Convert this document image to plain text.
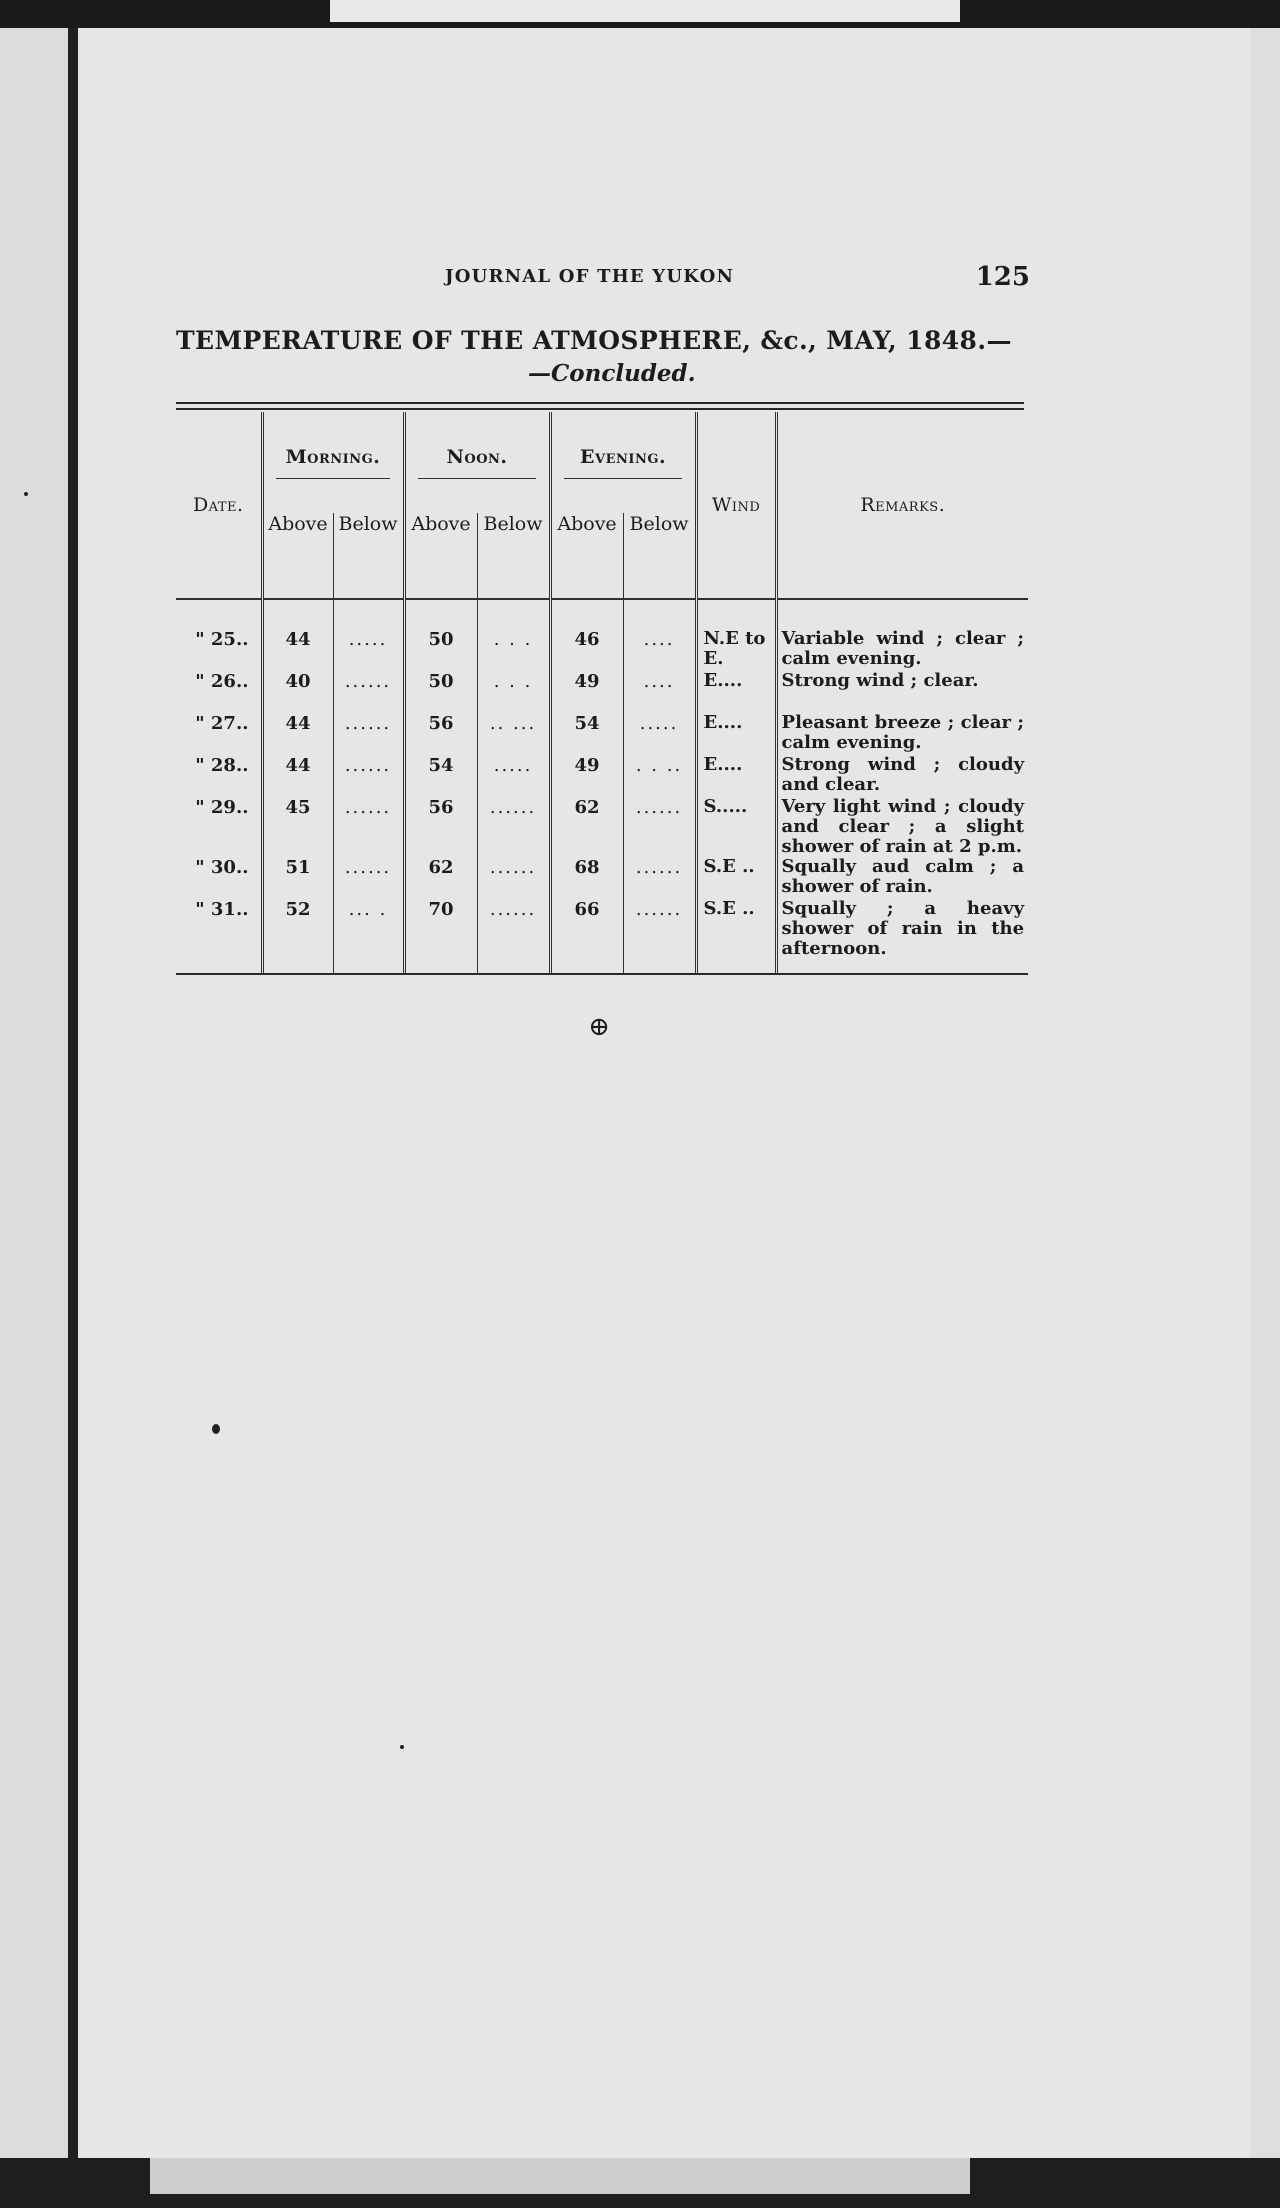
JOURNAL OF THE YUKON	125
TEMPERATURE OF THE ATMOSPHERE, &c., MAY, 1848.—
—Concluded.
Date.	Morning.		Noon.		Evening.		Wind	Remarks.
	Above	Below	Above	Below	Above	Below		

" 25..	44	.....	50	. . .	46	....	N.E to E.	Variable wind ; clear ; calm evening.
" 26..	40	......	50	. . .	49	....	E....	Strong wind ; clear.
" 27..	44	......	56	.. ...	54	.....	E....	Pleasant breeze ; clear ; calm evening.
" 28..	44	......	54	.....	49	. . ..	E....	Strong wind ; cloudy and clear.
" 29..	45	......	56	......	62	......	S.....	Very light wind ; cloudy and clear ; a slight shower of rain at 2 p.m.
" 30..	51	......	62	......	68	......	S.E ..	Squally aud calm ; a shower of rain.
" 31..	52	... .	70	......	66	......	S.E ..	Squally ; a heavy shower of rain in the afternoon.

⊕
